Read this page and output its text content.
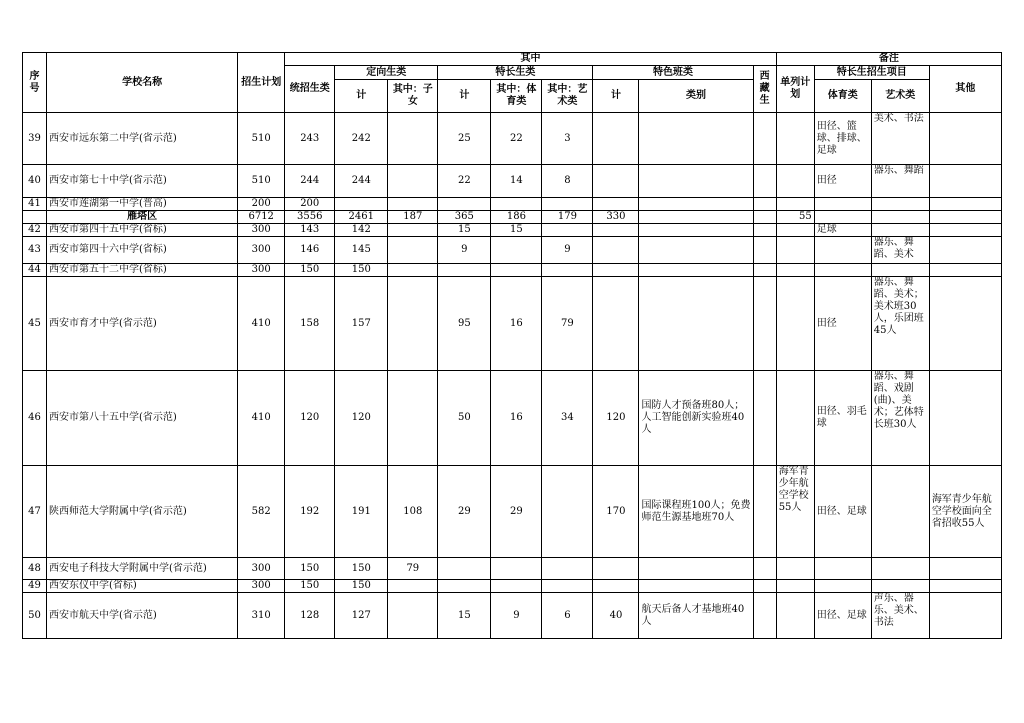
序号	学校名称	招生计划	其中									备注			
			统招生类	定向生类		特长生类			特色班类		西藏生	单列计划	特长生招生项目		其他
				计	其中：子女	计	其中：体育类	其中：艺术类	计	类别			体育类	艺术类	
39	西安市远东第二中学(省示范)	510	243	242		25	22	3					田径、篮球、排球、足球	美术、书法	
40	西安市第七十中学(省示范)	510	244	244		22	14	8					田径	器乐、舞蹈	
41	西安市莲湖第一中学(普高)	200	200												
	雁塔区	6712	3556	2461	187	365	186	179	330			55			
42	西安市第四十五中学(省标)	300	143	142		15	15						足球		
43	西安市第四十六中学(省标)	300	146	145		9		9						器乐、舞蹈、美术	
44	西安市第五十二中学(省标)	300	150	150											
45	西安市育才中学(省示范)	410	158	157		95	16	79					田径	器乐、舞蹈、美术；美术班30人，乐团班45人	
46	西安市第八十五中学(省示范)	410	120	120		50	16	34	120	国防人才预备班80人；人工智能创新实验班40人			田径、羽毛球	器乐、舞蹈、戏剧(曲)、美术；艺体特长班30人	
47	陕西师范大学附属中学(省示范)	582	192	191	108	29	29		170	国际课程班100人；免费师范生源基地班70人		海军青少年航空学校55人	田径、足球		海军青少年航空学校面向全省招收55人
48	西安电子科技大学附属中学(省示范)	300	150	150	79										
49	西安东仪中学(省标)	300	150	150											
50	西安市航天中学(省示范)	310	128	127		15	9	6	40	航天后备人才基地班40人			田径、足球	声乐、器乐、美术、书法	
